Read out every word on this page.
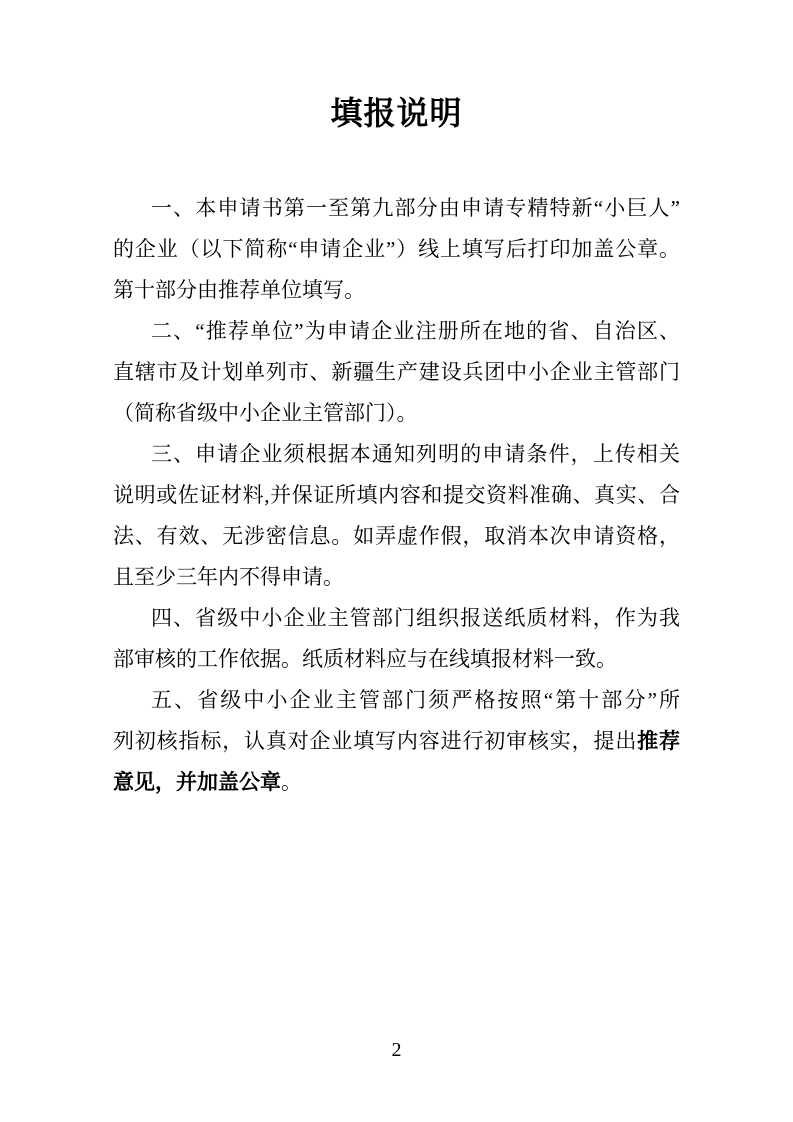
填报说明
一、本申请书第一至第九部分由申请专精特新“小巨人”
的企业（以下简称“申请企业”）线上填写后打印加盖公章。
第十部分由推荐单位填写。
二、“推荐单位”为申请企业注册所在地的省、自治区、
直辖市及计划单列市、新疆生产建设兵团中小企业主管部门
（简称省级中小企业主管部门）。
三、申请企业须根据本通知列明的申请条件，上传相关
说明或佐证材料,并保证所填内容和提交资料准确、真实、合
法、有效、无涉密信息。如弄虚作假，取消本次申请资格，
且至少三年内不得申请。
四、省级中小企业主管部门组织报送纸质材料，作为我
部审核的工作依据。纸质材料应与在线填报材料一致。
五、省级中小企业主管部门须严格按照“第十部分”所
列初核指标，认真对企业填写内容进行初审核实，提出推荐
意见，并加盖公章。
2
